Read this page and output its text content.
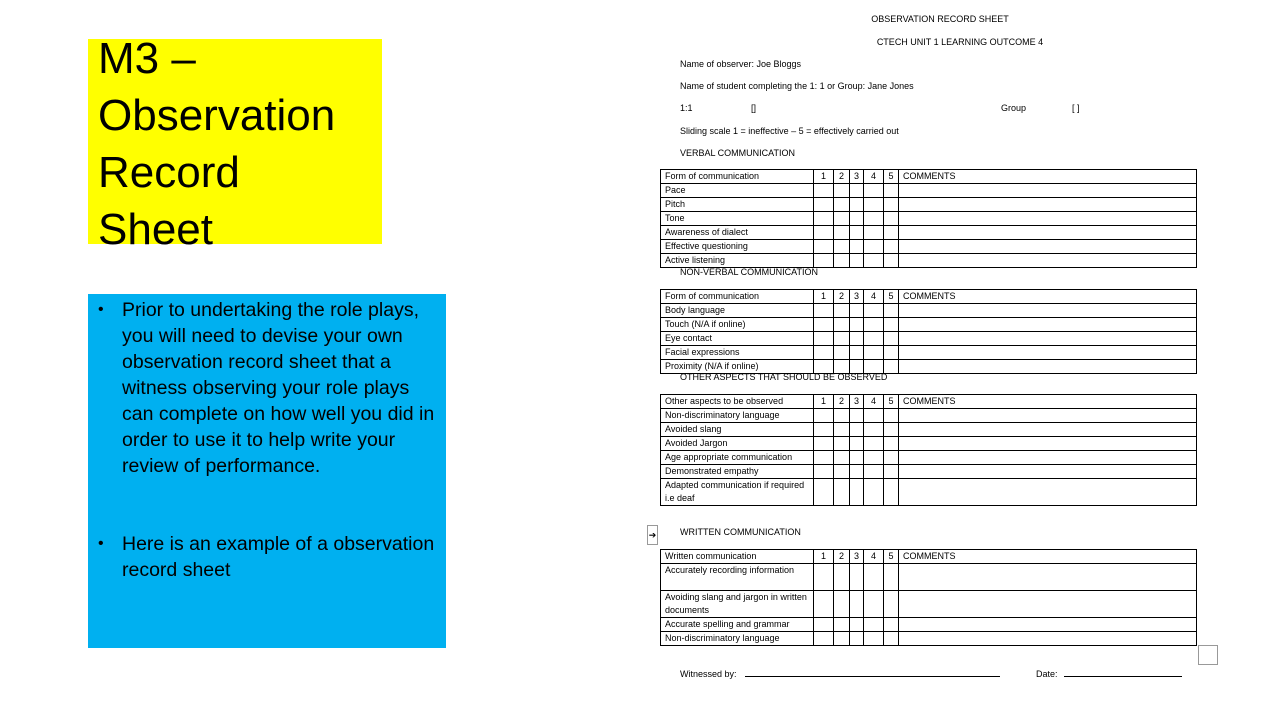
M3 –
Observation
Record
Sheet
• Prior to undertaking the role plays, you will need to devise your own observation record sheet that a witness observing your role plays can complete on how well you did in order to use it to help write your review of performance.
• Here is an example of a observation record sheet
OBSERVATION RECORD SHEET
CTECH UNIT 1 LEARNING OUTCOME 4
Name of observer: Joe Bloggs
Name of student completing the 1: 1 or Group: Jane Jones
1:1	[]	Group	[ ]
Sliding scale 1 = ineffective – 5 = effectively carried out
VERBAL COMMUNICATION
Form of communication	1	2	3	4	5	COMMENTS
Pace						
Pitch						
Tone						
Awareness of dialect						
Effective questioning						
Active listening						
NON-VERBAL COMMUNICATION
Form of communication	1	2	3	4	5	COMMENTS
Body language						
Touch (N/A if online)						
Eye contact						
Facial expressions						
Proximity (N/A if online)						
OTHER ASPECTS THAT SHOULD BE OBSERVED
Other aspects to be observed	1	2	3	4	5	COMMENTS
Non-discriminatory language						
Avoided slang						
Avoided Jargon						
Age appropriate communication						
Demonstrated empathy						
Adapted communication if required i.e deaf						
WRITTEN COMMUNICATION
Written communication	1	2	3	4	5	COMMENTS
Accurately recording information						
Avoiding slang and jargon in written documents						
Accurate spelling and grammar						
Non-discriminatory language						
Witnessed by:	Date:
➔
